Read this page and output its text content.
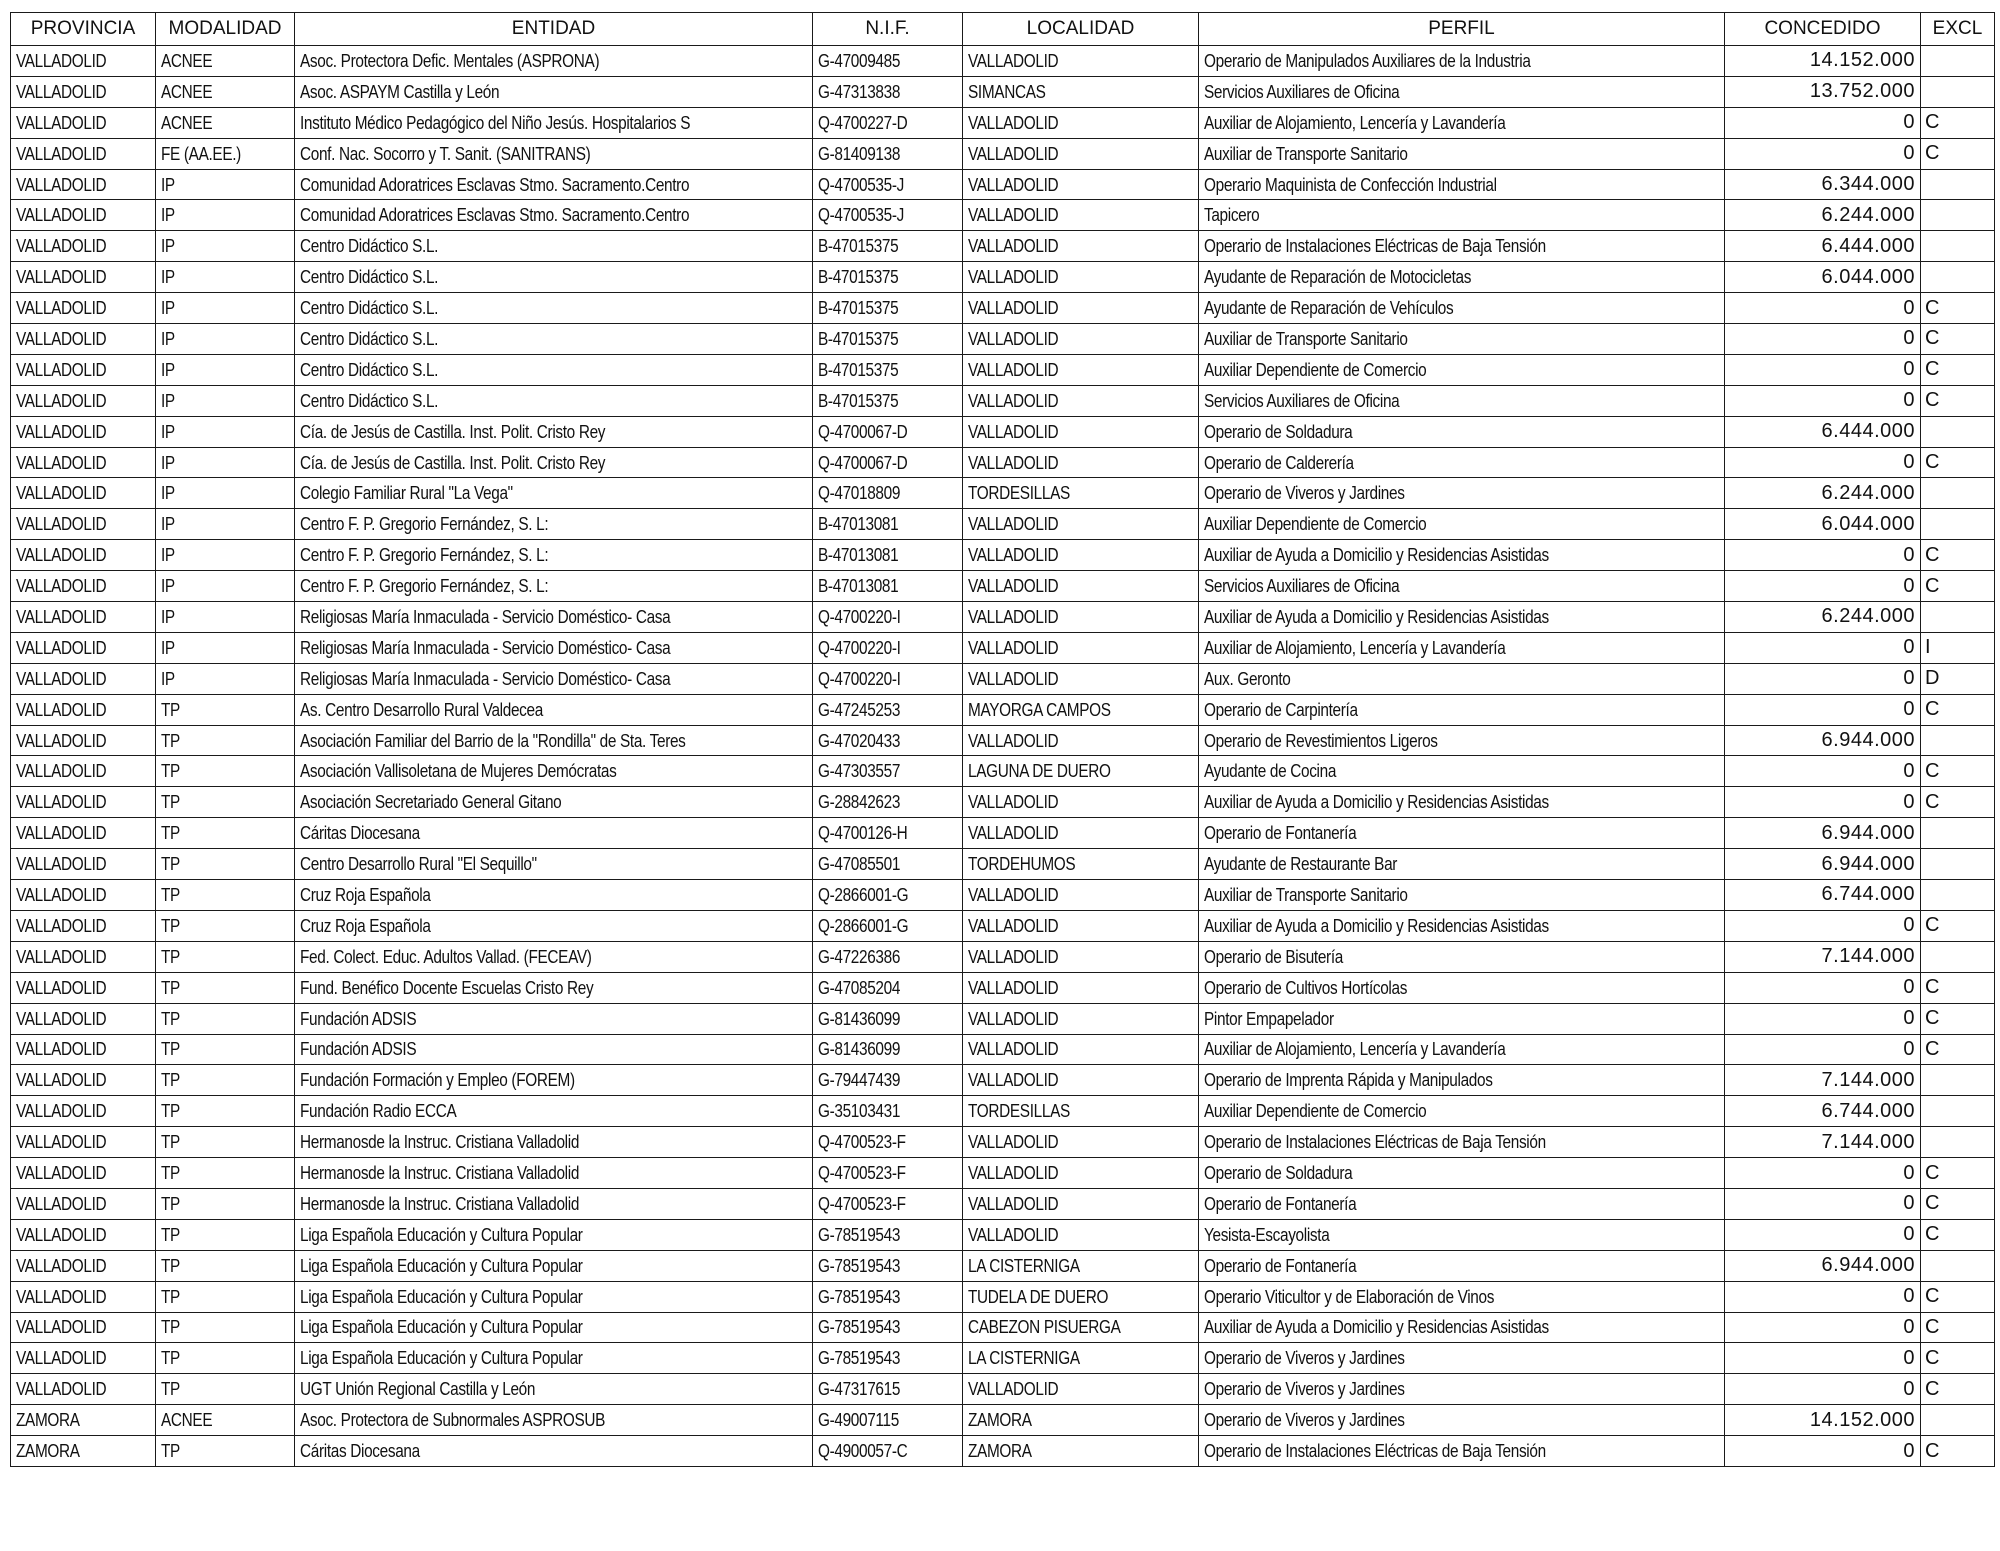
PROVINCIA	MODALIDAD	ENTIDAD	N.I.F.	LOCALIDAD	PERFIL	CONCEDIDO	EXCL
VALLADOLID	ACNEE	Asoc. Protectora Defic. Mentales (ASPRONA)	G-47009485	VALLADOLID	Operario de Manipulados Auxiliares de la Industria	14.152.000	
VALLADOLID	ACNEE	Asoc. ASPAYM Castilla y León	G-47313838	SIMANCAS	Servicios Auxiliares de Oficina	13.752.000	
VALLADOLID	ACNEE	Instituto Médico Pedagógico del Niño Jesús. Hospitalarios S	Q-4700227-D	VALLADOLID	Auxiliar de Alojamiento, Lencería y Lavandería	0	C
VALLADOLID	FE (AA.EE.)	Conf. Nac. Socorro y T. Sanit. (SANITRANS)	G-81409138	VALLADOLID	Auxiliar de Transporte Sanitario	0	C
VALLADOLID	IP	Comunidad Adoratrices Esclavas Stmo. Sacramento.Centro	Q-4700535-J	VALLADOLID	Operario Maquinista de Confección Industrial	6.344.000	
VALLADOLID	IP	Comunidad Adoratrices Esclavas Stmo. Sacramento.Centro	Q-4700535-J	VALLADOLID	Tapicero	6.244.000	
VALLADOLID	IP	Centro Didáctico S.L.	B-47015375	VALLADOLID	Operario de Instalaciones Eléctricas de Baja Tensión	6.444.000	
VALLADOLID	IP	Centro Didáctico S.L.	B-47015375	VALLADOLID	Ayudante de Reparación de Motocicletas	6.044.000	
VALLADOLID	IP	Centro Didáctico S.L.	B-47015375	VALLADOLID	Ayudante de Reparación de Vehículos	0	C
VALLADOLID	IP	Centro Didáctico S.L.	B-47015375	VALLADOLID	Auxiliar de Transporte Sanitario	0	C
VALLADOLID	IP	Centro Didáctico S.L.	B-47015375	VALLADOLID	Auxiliar Dependiente de Comercio	0	C
VALLADOLID	IP	Centro Didáctico S.L.	B-47015375	VALLADOLID	Servicios Auxiliares de Oficina	0	C
VALLADOLID	IP	Cía. de Jesús de Castilla. Inst. Polit. Cristo Rey	Q-4700067-D	VALLADOLID	Operario de Soldadura	6.444.000	
VALLADOLID	IP	Cía. de Jesús de Castilla. Inst. Polit. Cristo Rey	Q-4700067-D	VALLADOLID	Operario de Calderería	0	C
VALLADOLID	IP	Colegio Familiar Rural "La Vega"	Q-47018809	TORDESILLAS	Operario de Viveros y Jardines	6.244.000	
VALLADOLID	IP	Centro F. P. Gregorio Fernández, S. L:	B-47013081	VALLADOLID	Auxiliar Dependiente de Comercio	6.044.000	
VALLADOLID	IP	Centro F. P. Gregorio Fernández, S. L:	B-47013081	VALLADOLID	Auxiliar de Ayuda a Domicilio y Residencias Asistidas	0	C
VALLADOLID	IP	Centro F. P. Gregorio Fernández, S. L:	B-47013081	VALLADOLID	Servicios Auxiliares de Oficina	0	C
VALLADOLID	IP	Religiosas María Inmaculada - Servicio Doméstico- Casa	Q-4700220-I	VALLADOLID	Auxiliar de Ayuda a Domicilio y Residencias Asistidas	6.244.000	
VALLADOLID	IP	Religiosas María Inmaculada - Servicio Doméstico- Casa	Q-4700220-I	VALLADOLID	Auxiliar de Alojamiento, Lencería y Lavandería	0	I
VALLADOLID	IP	Religiosas María Inmaculada - Servicio Doméstico- Casa	Q-4700220-I	VALLADOLID	Aux. Geronto	0	D
VALLADOLID	TP	As. Centro Desarrollo Rural Valdecea	G-47245253	MAYORGA CAMPOS	Operario de Carpintería	0	C
VALLADOLID	TP	Asociación Familiar del Barrio de la "Rondilla" de Sta. Teres	G-47020433	VALLADOLID	Operario de Revestimientos Ligeros	6.944.000	
VALLADOLID	TP	Asociación Vallisoletana de Mujeres Demócratas	G-47303557	LAGUNA DE DUERO	Ayudante de Cocina	0	C
VALLADOLID	TP	Asociación Secretariado General Gitano	G-28842623	VALLADOLID	Auxiliar de Ayuda a Domicilio y Residencias Asistidas	0	C
VALLADOLID	TP	Cáritas Diocesana	Q-4700126-H	VALLADOLID	Operario de Fontanería	6.944.000	
VALLADOLID	TP	Centro Desarrollo Rural "El Sequillo"	G-47085501	TORDEHUMOS	Ayudante de Restaurante Bar	6.944.000	
VALLADOLID	TP	Cruz Roja Española	Q-2866001-G	VALLADOLID	Auxiliar de Transporte Sanitario	6.744.000	
VALLADOLID	TP	Cruz Roja Española	Q-2866001-G	VALLADOLID	Auxiliar de Ayuda a Domicilio y Residencias Asistidas	0	C
VALLADOLID	TP	Fed. Colect. Educ. Adultos Vallad. (FECEAV)	G-47226386	VALLADOLID	Operario de Bisutería	7.144.000	
VALLADOLID	TP	Fund. Benéfico Docente Escuelas Cristo Rey	G-47085204	VALLADOLID	Operario de Cultivos Hortícolas	0	C
VALLADOLID	TP	Fundación ADSIS	G-81436099	VALLADOLID	Pintor Empapelador	0	C
VALLADOLID	TP	Fundación ADSIS	G-81436099	VALLADOLID	Auxiliar de Alojamiento, Lencería y Lavandería	0	C
VALLADOLID	TP	Fundación Formación y Empleo (FOREM)	G-79447439	VALLADOLID	Operario de Imprenta Rápida y Manipulados	7.144.000	
VALLADOLID	TP	Fundación Radio ECCA	G-35103431	TORDESILLAS	Auxiliar Dependiente de Comercio	6.744.000	
VALLADOLID	TP	Hermanosde la Instruc. Cristiana Valladolid	Q-4700523-F	VALLADOLID	Operario de Instalaciones Eléctricas de Baja Tensión	7.144.000	
VALLADOLID	TP	Hermanosde la Instruc. Cristiana Valladolid	Q-4700523-F	VALLADOLID	Operario de Soldadura	0	C
VALLADOLID	TP	Hermanosde la Instruc. Cristiana Valladolid	Q-4700523-F	VALLADOLID	Operario de Fontanería	0	C
VALLADOLID	TP	Liga Española Educación y Cultura Popular	G-78519543	VALLADOLID	Yesista-Escayolista	0	C
VALLADOLID	TP	Liga Española Educación y Cultura Popular	G-78519543	LA CISTERNIGA	Operario de Fontanería	6.944.000	
VALLADOLID	TP	Liga Española Educación y Cultura Popular	G-78519543	TUDELA DE DUERO	Operario Viticultor y de Elaboración de Vinos	0	C
VALLADOLID	TP	Liga Española Educación y Cultura Popular	G-78519543	CABEZON PISUERGA	Auxiliar de Ayuda a Domicilio y Residencias Asistidas	0	C
VALLADOLID	TP	Liga Española Educación y Cultura Popular	G-78519543	LA CISTERNIGA	Operario de Viveros y Jardines	0	C
VALLADOLID	TP	UGT Unión Regional Castilla y León	G-47317615	VALLADOLID	Operario de Viveros y Jardines	0	C
ZAMORA	ACNEE	Asoc. Protectora de Subnormales ASPROSUB	G-49007115	ZAMORA	Operario de Viveros y Jardines	14.152.000	
ZAMORA	TP	Cáritas Diocesana	Q-4900057-C	ZAMORA	Operario de Instalaciones Eléctricas de Baja Tensión	0	C
